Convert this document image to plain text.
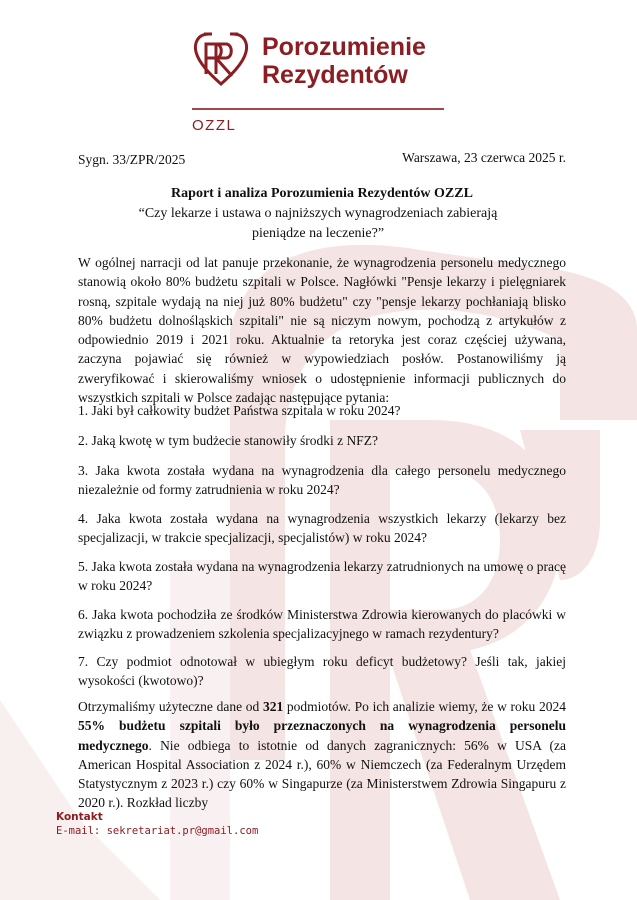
Porozumienie
Rezydentów
OZZL
Sygn. 33/ZPR/2025	Warszawa, 23 czerwca 2025 r.
Raport i analiza Porozumienia Rezydentów OZZL
“Czy lekarze i ustawa o najniższych wynagrodzeniach zabierają pieniądze na leczenie?”
W ogólnej narracji od lat panuje przekonanie, że wynagrodzenia personelu medycznego stanowią około 80% budżetu szpitali w Polsce. Nagłówki "Pensje lekarzy i pielęgniarek rosną, szpitale wydają na niej już 80% budżetu" czy "pensje lekarzy pochłaniają blisko 80% budżetu dolnośląskich szpitali" nie są niczym nowym, pochodzą z artykułów z odpowiednio 2019 i 2021 roku. Aktualnie ta retoryka jest coraz częściej używana, zaczyna pojawiać się również w wypowiedziach posłów. Postanowiliśmy ją zweryfikować i skierowaliśmy wniosek o udostępnienie informacji publicznych do wszystkich szpitali w Polsce zadając następujące pytania:
1. Jaki był całkowity budżet Państwa szpitala w roku 2024?
2. Jaką kwotę w tym budżecie stanowiły środki z NFZ?
3. Jaka kwota została wydana na wynagrodzenia dla całego personelu medycznego niezależnie od formy zatrudnienia w roku 2024?
4. Jaka kwota została wydana na wynagrodzenia wszystkich lekarzy (lekarzy bez specjalizacji, w trakcie specjalizacji, specjalistów) w roku 2024?
5. Jaka kwota została wydana na wynagrodzenia lekarzy zatrudnionych na umowę o pracę w roku 2024?
6. Jaka kwota pochodziła ze środków Ministerstwa Zdrowia kierowanych do placówki w związku z prowadzeniem szkolenia specjalizacyjnego w ramach rezydentury?
7. Czy podmiot odnotował w ubiegłym roku deficyt budżetowy? Jeśli tak, jakiej wysokości (kwotowo)?
Otrzymaliśmy użyteczne dane od 321 podmiotów. Po ich analizie wiemy, że w roku 2024 55% budżetu szpitali było przeznaczonych na wynagrodzenia personelu medycznego. Nie odbiega to istotnie od danych zagranicznych: 56% w USA (za American Hospital Association z 2024 r.), 60% w Niemczech (za Federalnym Urzędem Statystycznym z 2023 r.) czy 60% w Singapurze (za Ministerstwem Zdrowia Singapuru z 2020 r.). Rozkład liczby
Kontakt
E-mail: sekretariat.pr@gmail.com
